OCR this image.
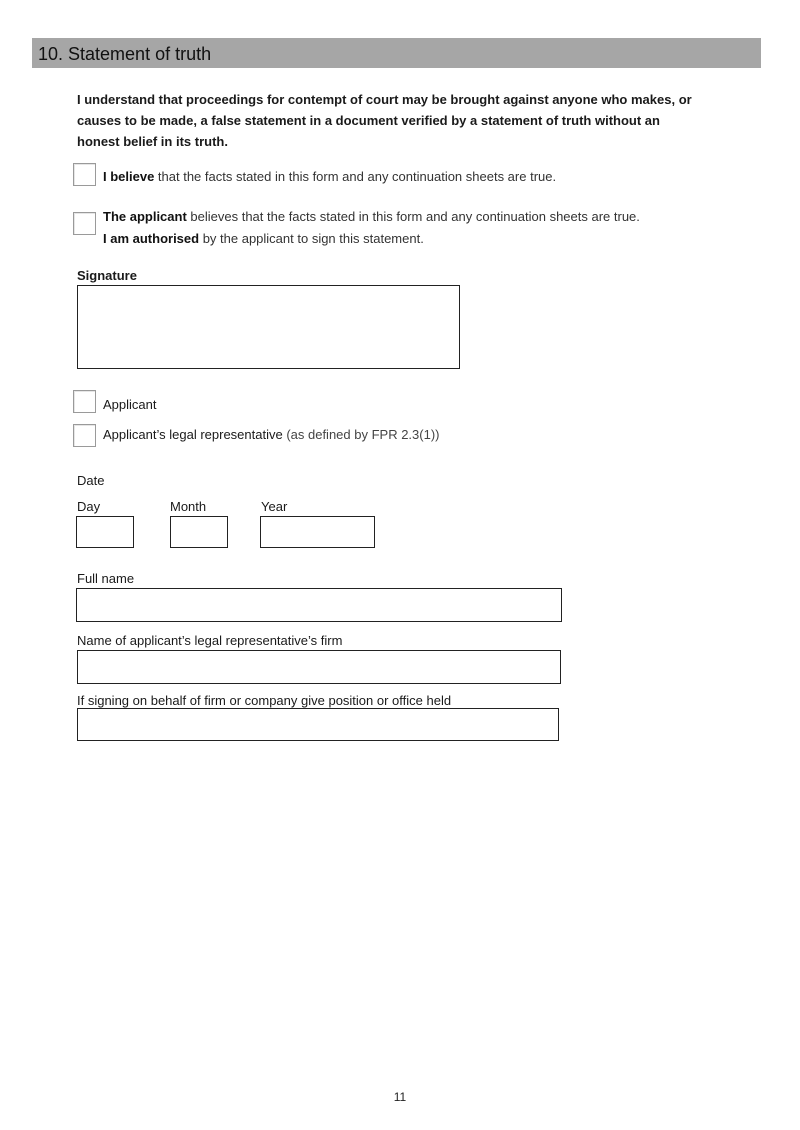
10. Statement of truth
I understand that proceedings for contempt of court may be brought against anyone who makes, or causes to be made, a false statement in a document verified by a statement of truth without an honest belief in its truth.
I believe that the facts stated in this form and any continuation sheets are true.
The applicant believes that the facts stated in this form and any continuation sheets are true.
I am authorised by the applicant to sign this statement.
Signature
Applicant
Applicant’s legal representative (as defined by FPR 2.3(1))
Date
Day	Month	Year
Full name
Name of applicant’s legal representative’s firm
If signing on behalf of firm or company give position or office held
11
